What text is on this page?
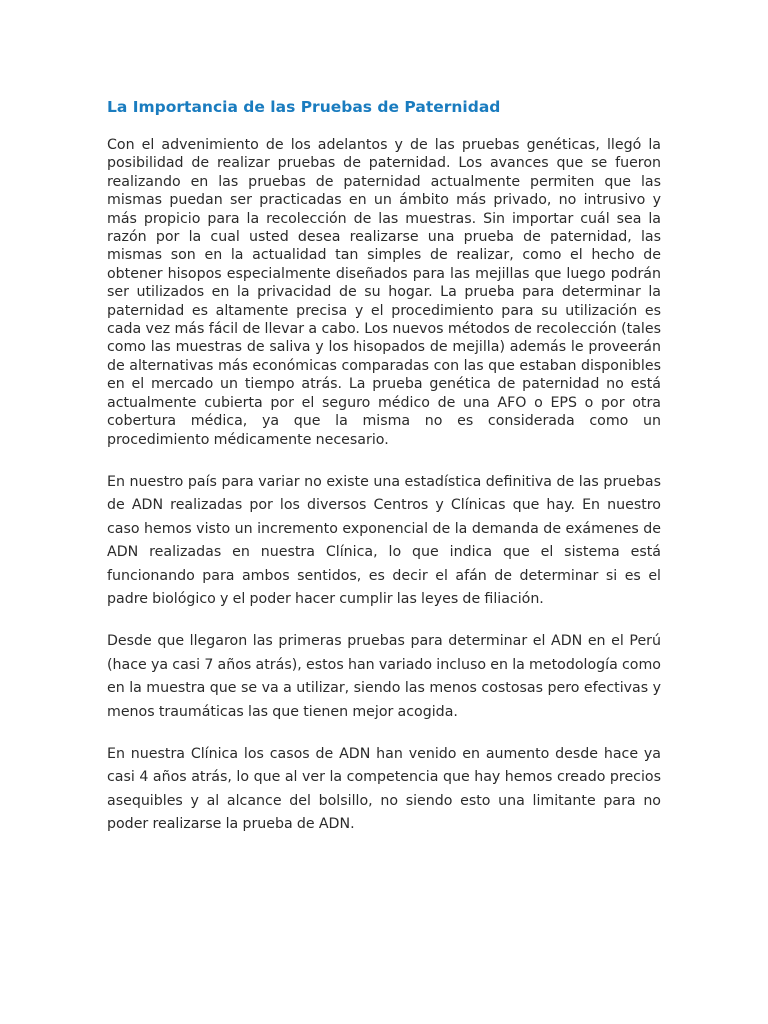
La Importancia de las Pruebas de Paternidad

Con el advenimiento de los adelantos y de las pruebas genéticas, llegó la posibilidad de realizar pruebas de paternidad. Los avances que se fueron realizando en las pruebas de paternidad actualmente permiten que las mismas puedan ser practicadas en un ámbito más privado, no intrusivo y más propicio para la recolección de las muestras. Sin importar cuál sea la razón por la cual usted desea realizarse una prueba de paternidad, las mismas son en la actualidad tan simples de realizar, como el hecho de obtener hisopos especialmente diseñados para las mejillas que luego podrán ser utilizados en la privacidad de su hogar. La prueba para determinar la paternidad es altamente precisa y el procedimiento para su utilización es cada vez más fácil de llevar a cabo. Los nuevos métodos de recolección (tales como las muestras de saliva y los hisopados de mejilla) además le proveerán de alternativas más económicas comparadas con las que estaban disponibles en el mercado un tiempo atrás. La prueba genética de paternidad no está actualmente cubierta por el seguro médico de una AFO o EPS o por otra cobertura médica, ya que la misma no es considerada como un procedimiento médicamente necesario.

En nuestro país para variar no existe una estadística definitiva de las pruebas de ADN realizadas por los diversos Centros y Clínicas que hay. En nuestro caso hemos visto un incremento exponencial de la demanda de exámenes de ADN realizadas en nuestra Clínica, lo que indica que el sistema está funcionando para ambos sentidos, es decir el afán de determinar si es el padre biológico y el poder hacer cumplir las leyes de filiación.

Desde que llegaron las primeras pruebas para determinar el ADN en el Perú (hace ya casi 7 años atrás), estos han variado incluso en la metodología como en la muestra que se va a utilizar, siendo las menos costosas pero efectivas y menos traumáticas las que tienen mejor acogida.

En nuestra Clínica los casos de ADN han venido en aumento desde hace ya casi 4 años atrás, lo que al ver la competencia que hay hemos creado precios asequibles y al alcance del bolsillo, no siendo esto una limitante para no poder realizarse la prueba de ADN.
